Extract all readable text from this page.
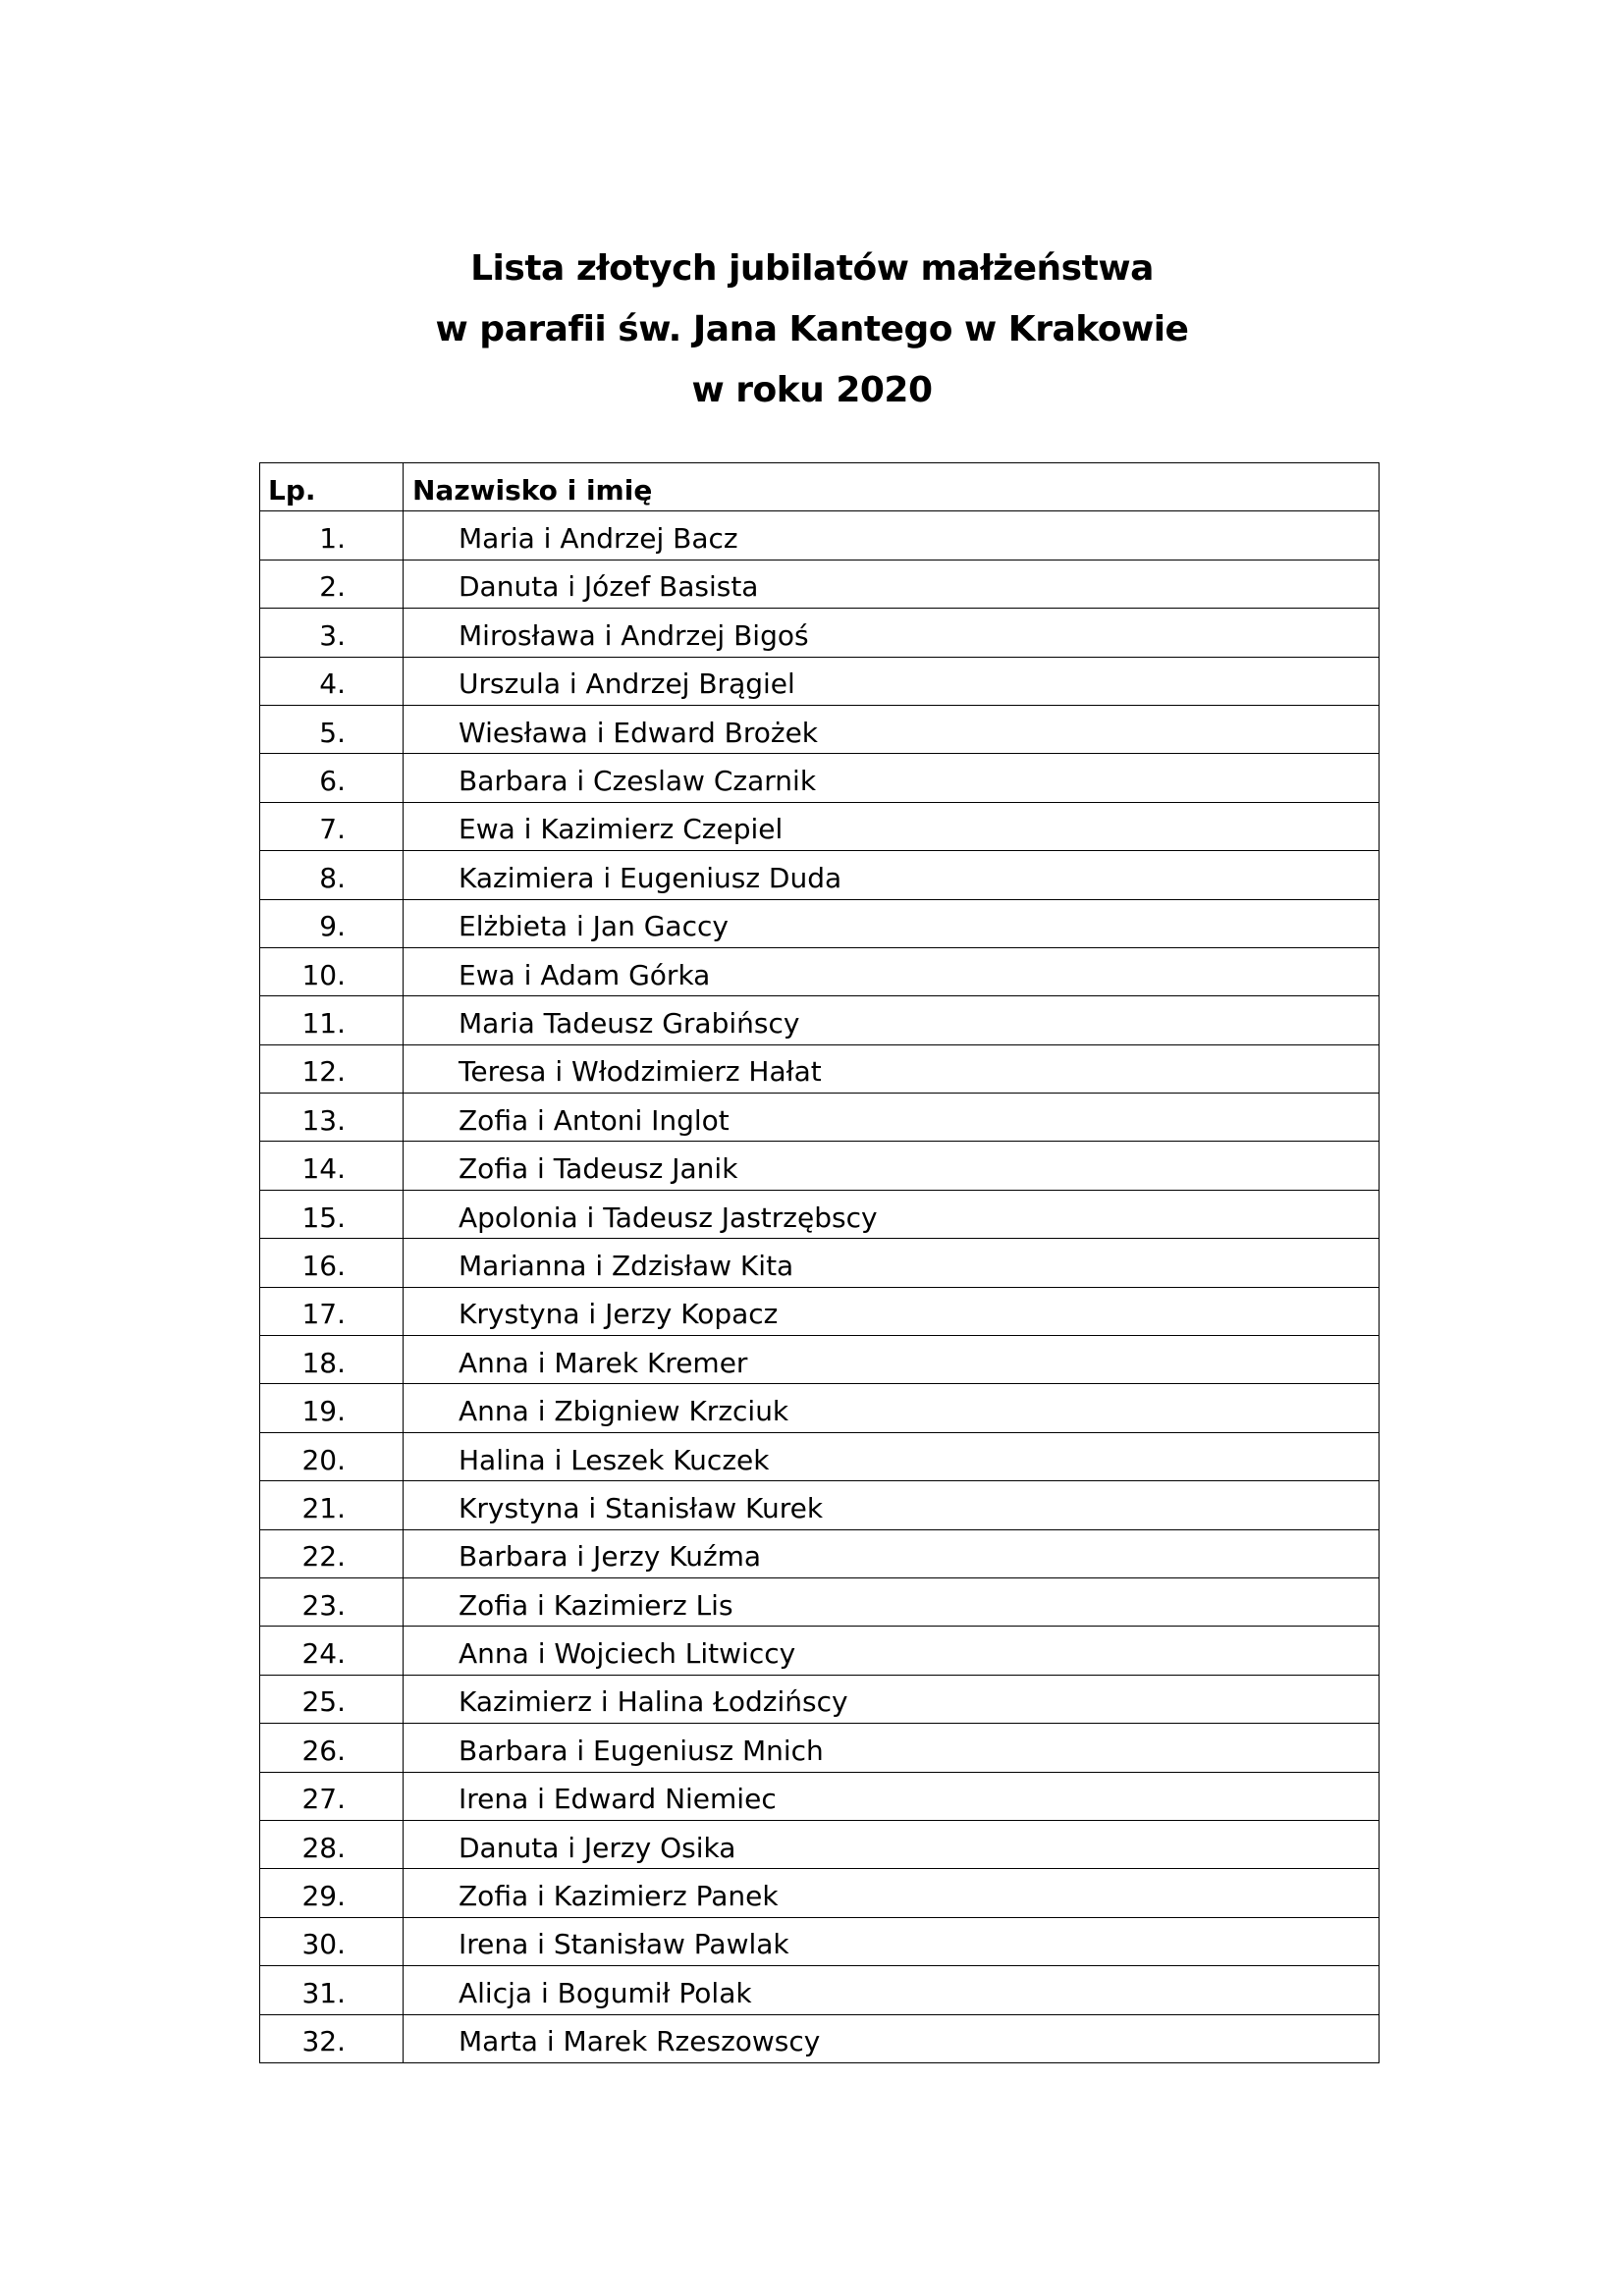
Lista złotych jubilatów małżeństwa
w parafii św. Jana Kantego w Krakowie
w roku 2020
Lp.	Nazwisko i imię
1.	Maria i Andrzej Bacz
2.	Danuta i Józef Basista
3.	Mirosława i Andrzej Bigoś
4.	Urszula i Andrzej Brągiel
5.	Wiesława i Edward Brożek
6.	Barbara i Czeslaw Czarnik
7.	Ewa i Kazimierz Czepiel
8.	Kazimiera i Eugeniusz Duda
9.	Elżbieta i Jan Gaccy
10.	Ewa i Adam Górka
11.	Maria Tadeusz Grabińscy
12.	Teresa i Włodzimierz Hałat
13.	Zofia i Antoni Inglot
14.	Zofia i Tadeusz Janik
15.	Apolonia i Tadeusz Jastrzębscy
16.	Marianna i Zdzisław Kita
17.	Krystyna i Jerzy Kopacz
18.	Anna i Marek Kremer
19.	Anna i Zbigniew Krzciuk
20.	Halina i Leszek Kuczek
21.	Krystyna i Stanisław Kurek
22.	Barbara i Jerzy Kuźma
23.	Zofia i Kazimierz Lis
24.	Anna i Wojciech Litwiccy
25.	Kazimierz i Halina Łodzińscy
26.	Barbara i Eugeniusz Mnich
27.	Irena i Edward Niemiec
28.	Danuta i Jerzy Osika
29.	Zofia i Kazimierz Panek
30.	Irena i Stanisław Pawlak
31.	Alicja i Bogumił Polak
32.	Marta i Marek Rzeszowscy
